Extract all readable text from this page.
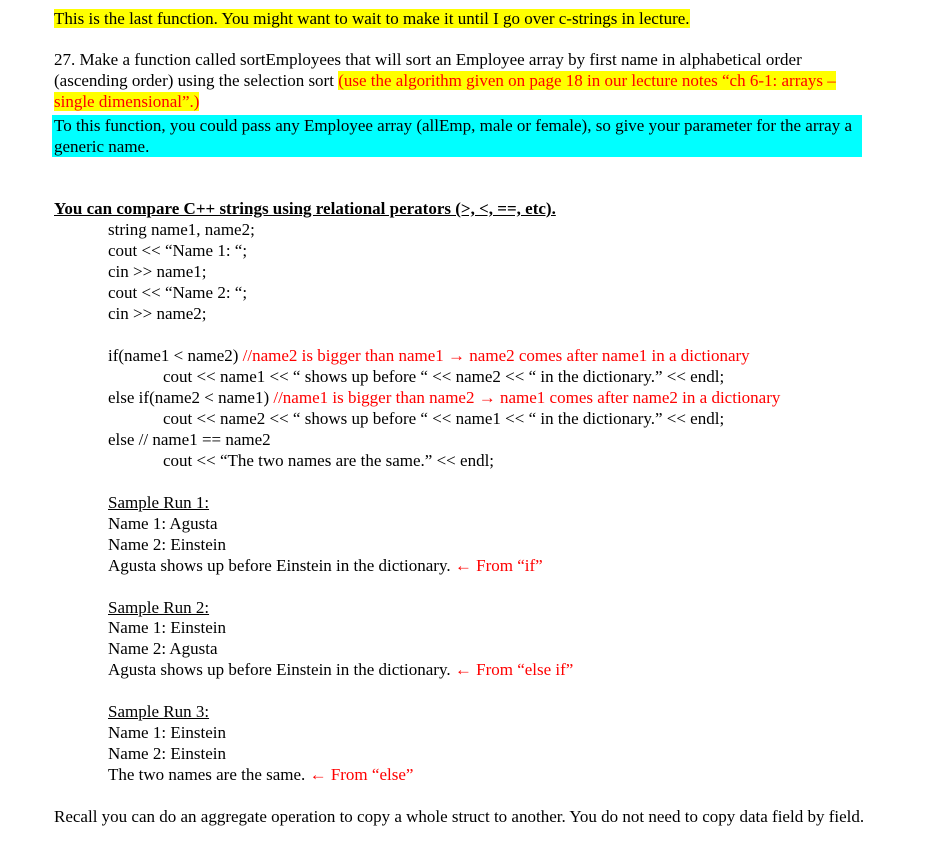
This is the last function. You might want to wait to make it until I go over c-strings in lecture.
27. Make a function called sortEmployees that will sort an Employee array by first name in alphabetical order (ascending order) using the selection sort (use the algorithm given on page 18 in our lecture notes “ch 6-1: arrays – single dimensional”.)
To this function, you could pass any Employee array (allEmp, male or female), so give your parameter for the array a generic name.
You can compare C++ strings using relational perators (>, <, ==, etc).
string name1, name2;
cout << “Name 1: “;
cin >> name1;
cout << “Name 2: “;
cin >> name2;
if(name1 < name2) //name2 is bigger than name1 → name2 comes after name1 in a dictionary
cout << name1 << “ shows up before “ << name2 << “ in the dictionary.” << endl;
else if(name2 < name1) //name1 is bigger than name2 → name1 comes after name2 in a dictionary
cout << name2 << “ shows up before “ << name1 << “ in the dictionary.” << endl;
else // name1 == name2
cout << “The two names are the same.” << endl;
Sample Run 1:
Name 1: Agusta
Name 2: Einstein
Agusta shows up before Einstein in the dictionary. ← From “if”
Sample Run 2:
Name 1: Einstein
Name 2: Agusta
Agusta shows up before Einstein in the dictionary. ← From “else if”
Sample Run 3:
Name 1: Einstein
Name 2: Einstein
The two names are the same. ← From “else”
Recall you can do an aggregate operation to copy a whole struct to another. You do not need to copy data field by field.
